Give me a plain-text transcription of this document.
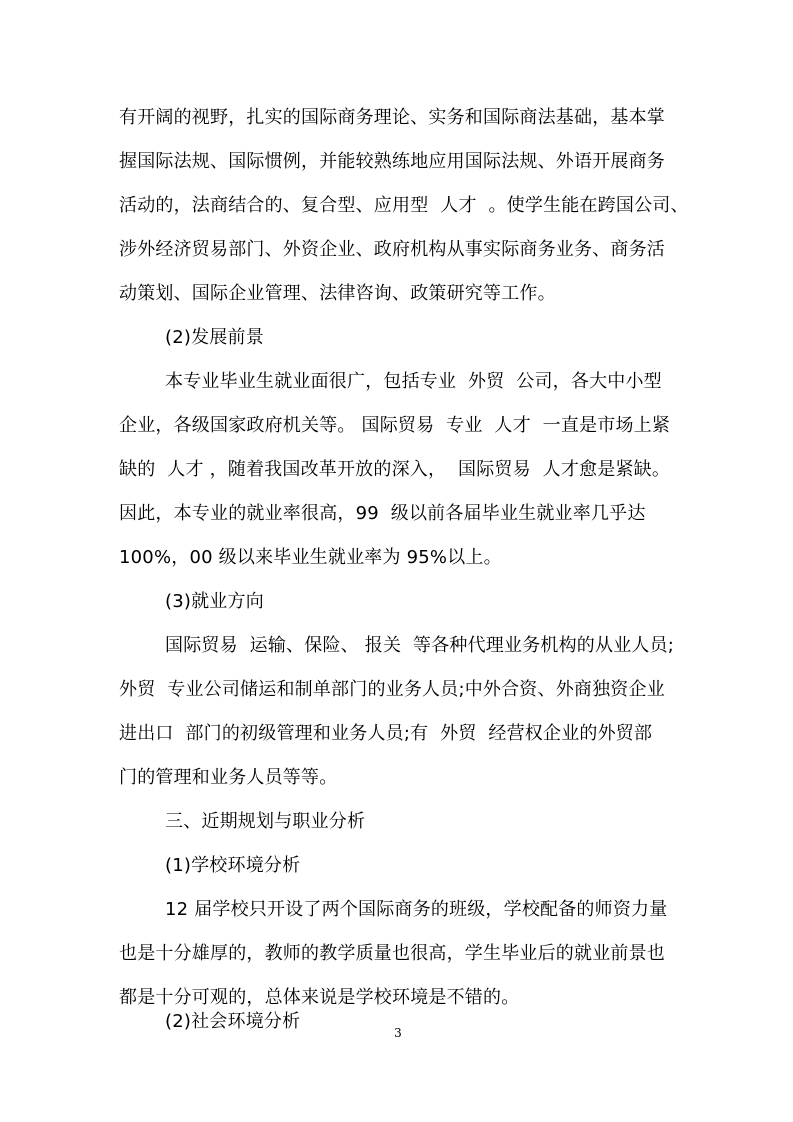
有开阔的视野，扎实的国际商务理论、实务和国际商法基础，基本掌
握国际法规、国际惯例，并能较熟练地应用国际法规、外语开展商务
活动的，法商结合的、复合型、应用型  人才  。使学生能在跨国公司、
涉外经济贸易部门、外资企业、政府机构从事实际商务业务、商务活
动策划、国际企业管理、法律咨询、政策研究等工作。
(2)发展前景
本专业毕业生就业面很广，包括专业  外贸  公司，各大中小型
企业，各级国家政府机关等。 国际贸易  专业  人才  一直是市场上紧
缺的  人才 ，随着我国改革开放的深入，  国际贸易  人才愈是紧缺。
因此，本专业的就业率很高，99  级以前各届毕业生就业率几乎达
100%，00 级以来毕业生就业率为 95%以上。
(3)就业方向
国际贸易  运输、保险、 报关  等各种代理业务机构的从业人员;
外贸  专业公司储运和制单部门的业务人员;中外合资、外商独资企业
进出口  部门的初级管理和业务人员;有  外贸  经营权企业的外贸部
门的管理和业务人员等等。
三、近期规划与职业分析
(1)学校环境分析
12 届学校只开设了两个国际商务的班级，学校配备的师资力量
也是十分雄厚的，教师的教学质量也很高，学生毕业后的就业前景也
都是十分可观的，总体来说是学校环境是不错的。
(2)社会环境分析
3
